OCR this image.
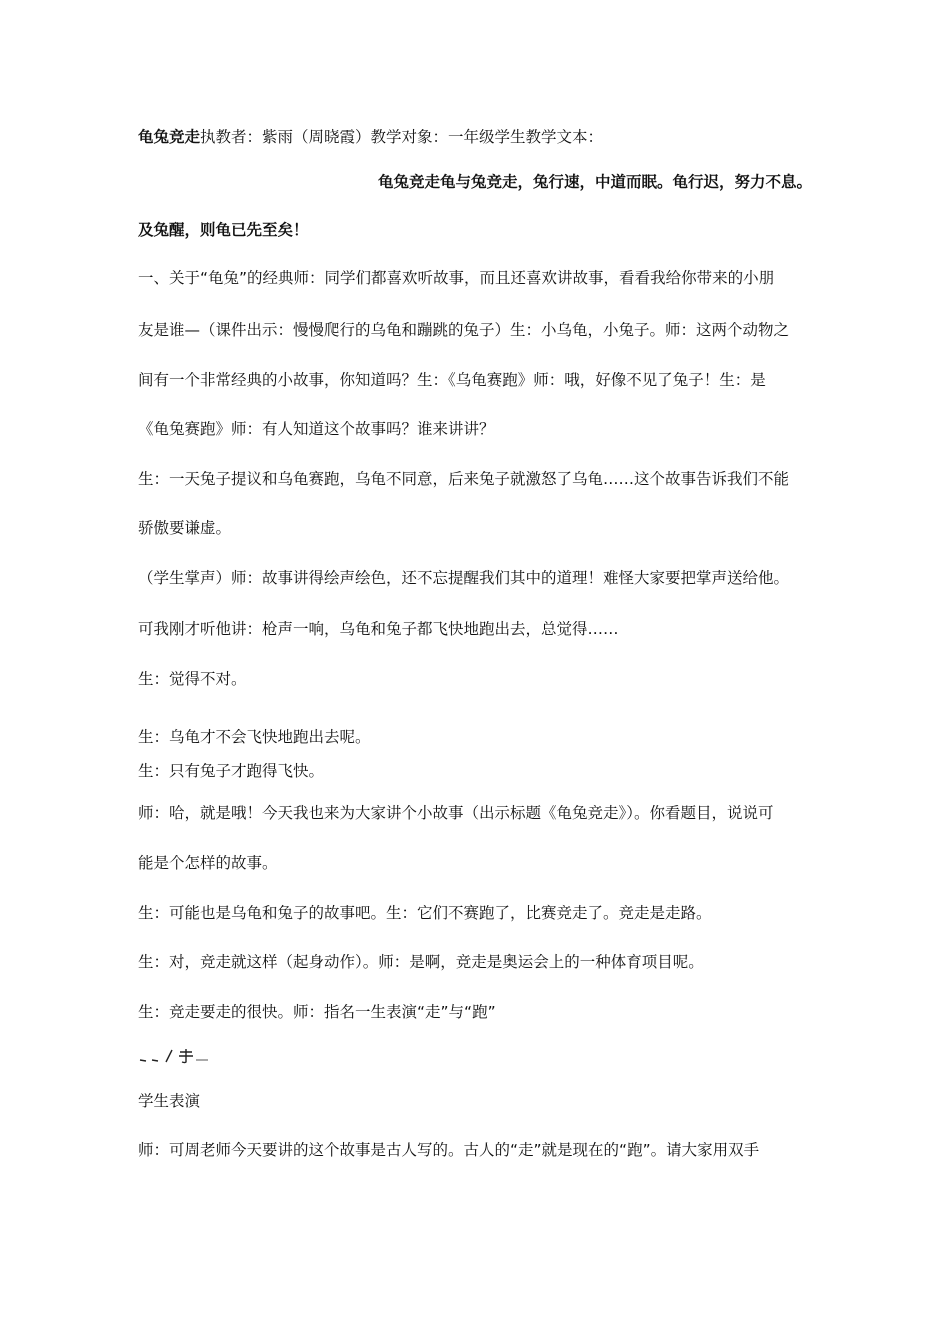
龟兔竞走执教者：紫雨（周晓霞）教学对象：一年级学生教学文本：
龟兔竞走龟与兔竞走，兔行速，中道而眠。龟行迟，努力不息。
及兔醒，则龟已先至矣！
一、关于“龟兔”的经典师：同学们都喜欢听故事，而且还喜欢讲故事，看看我给你带来的小朋
友是谁—（课件出示：慢慢爬行的乌龟和蹦跳的兔子）生：小乌龟，小兔子。师：这两个动物之
间有一个非常经典的小故事，你知道吗？生：《乌龟赛跑》师：哦，好像不见了兔子！生：是
《龟兔赛跑》师：有人知道这个故事吗？谁来讲讲？
生：一天兔子提议和乌龟赛跑，乌龟不同意，后来兔子就激怒了乌龟……这个故事告诉我们不能
骄傲要谦虚。
（学生掌声）师：故事讲得绘声绘色，还不忘提醒我们其中的道理！难怪大家要把掌声送给他。
可我刚才听他讲：枪声一响，乌龟和兔子都飞快地跑出去，总觉得……
生：觉得不对。
生：乌龟才不会飞快地跑出去呢。
生：只有兔子才跑得飞快。
师：哈，就是哦！今天我也来为大家讲个小故事（出示标题《龟兔竞走》）。你看题目，说说可
能是个怎样的故事。
生：可能也是乌龟和兔子的故事吧。生：它们不赛跑了，比赛竞走了。竞走是走路。
生：对，竞走就这样（起身动作）。师：是啊，竞走是奥运会上的一种体育项目呢。
生：竞走要走的很快。师：指名一生表演“走”与“跑”
学生表演
师：可周老师今天要讲的这个故事是古人写的。古人的“走”就是现在的“跑”。请大家用双手
